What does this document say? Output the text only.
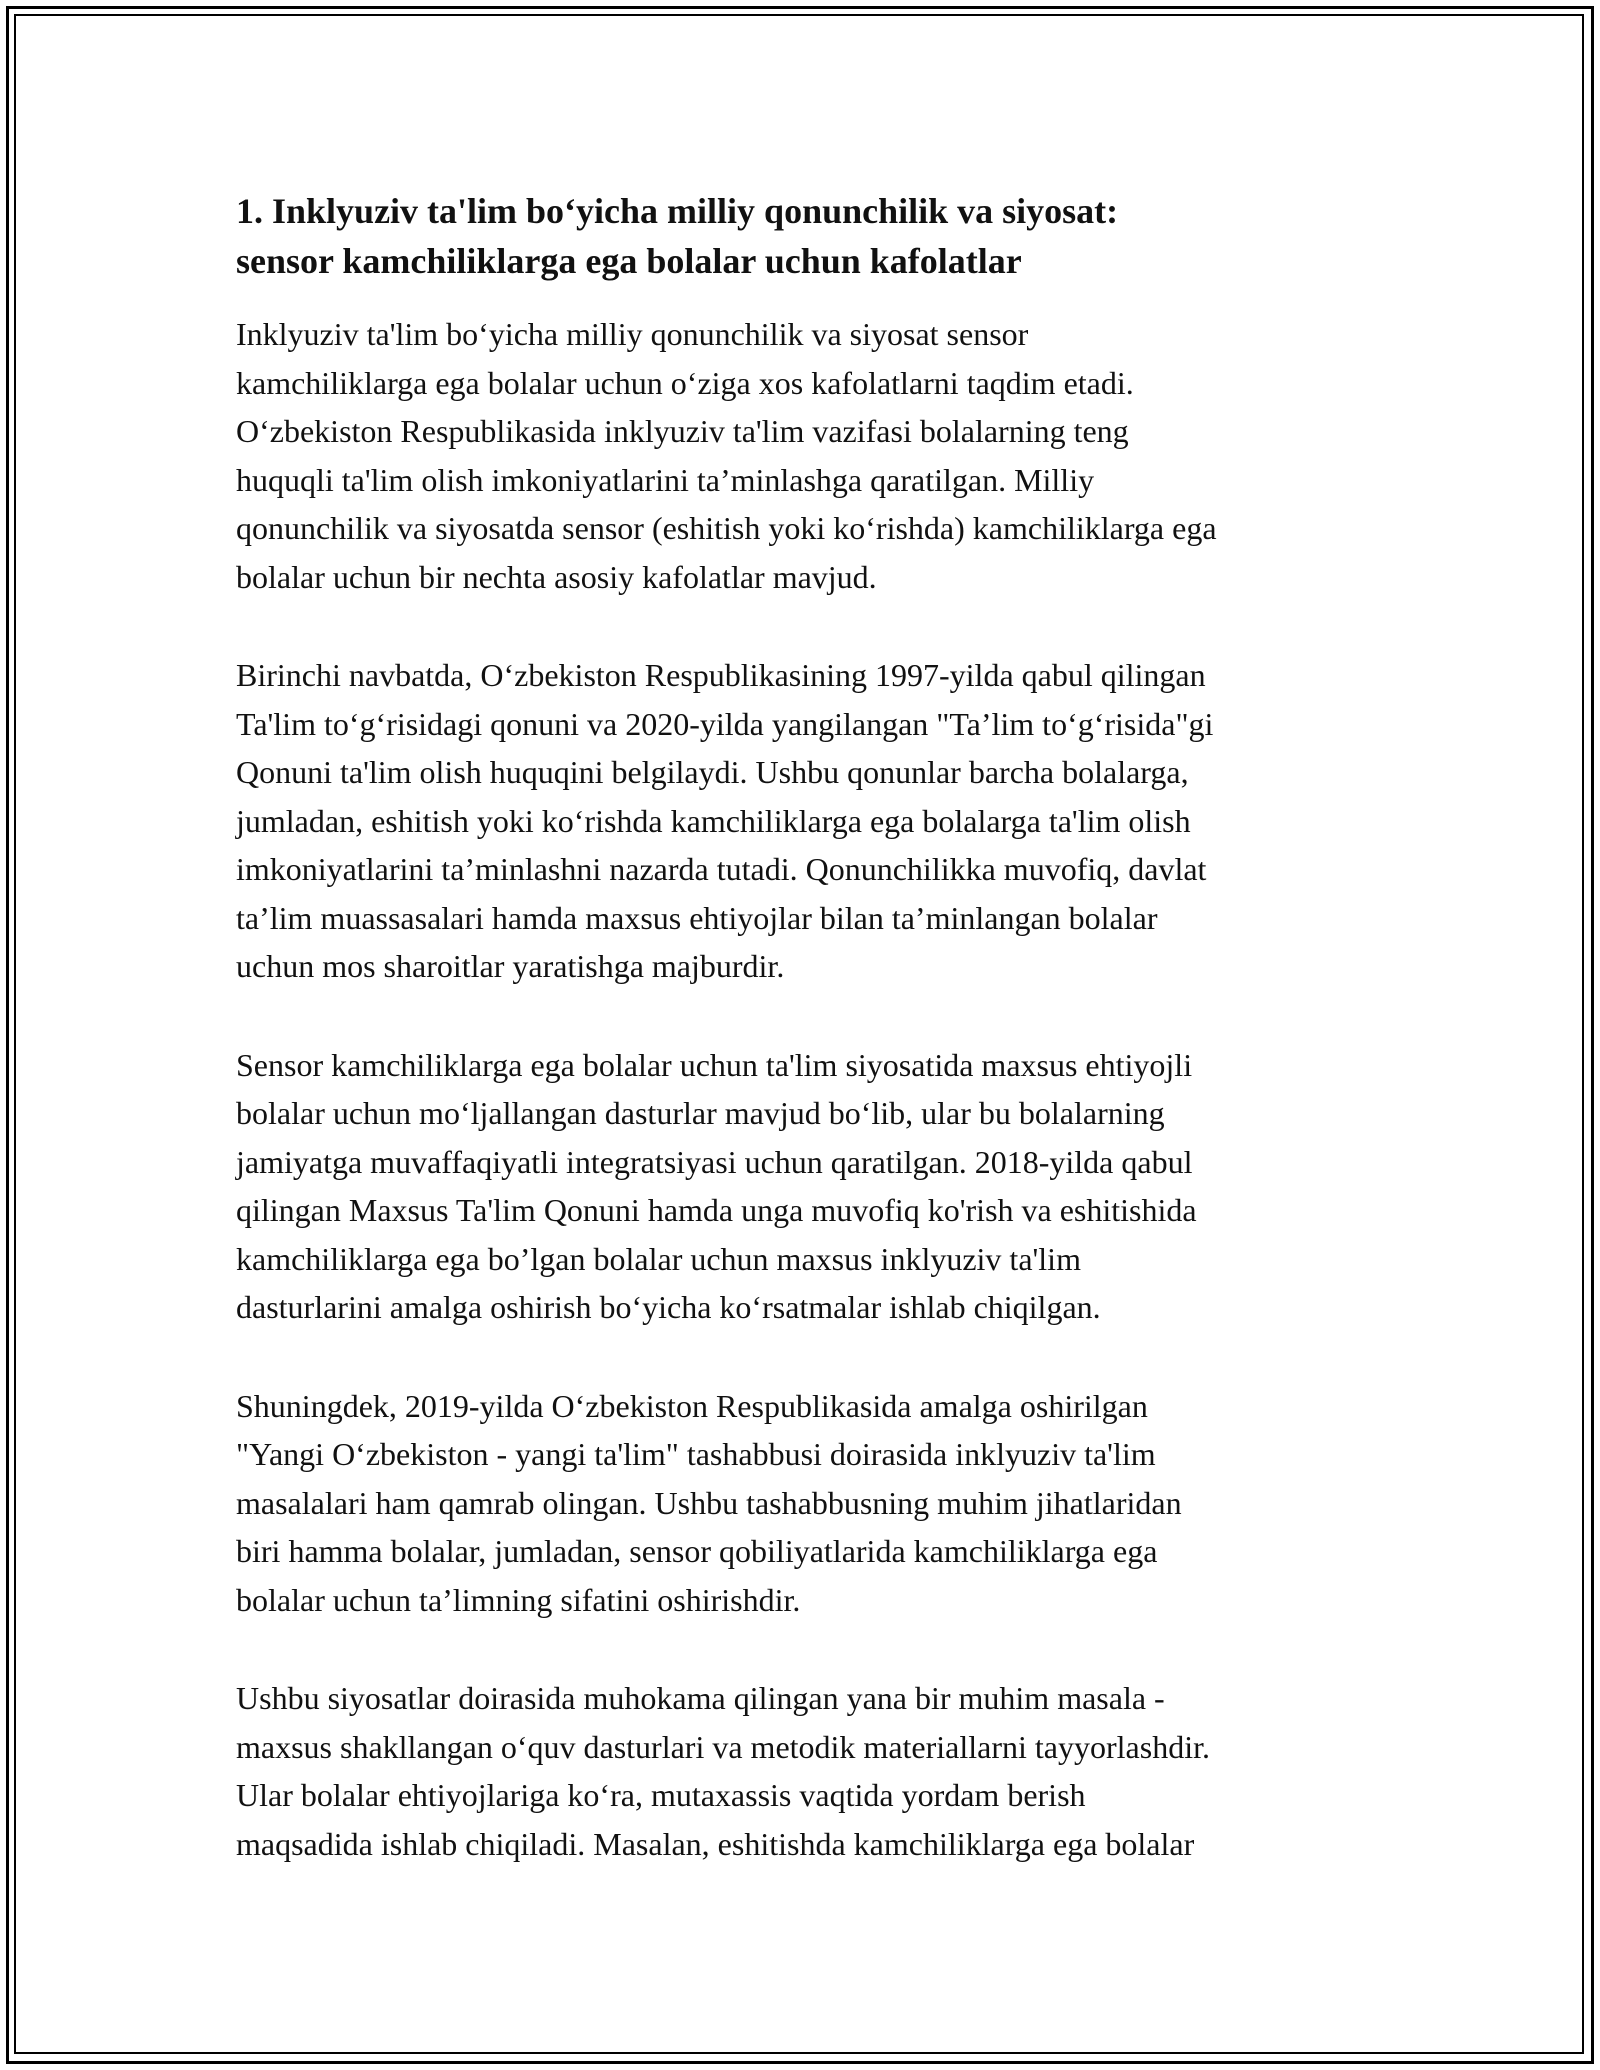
1. Inklyuziv ta'lim bo‘yicha milliy qonunchilik va siyosat:
sensor kamchiliklarga ega bolalar uchun kafolatlar

Inklyuziv ta'lim bo‘yicha milliy qonunchilik va siyosat sensor
kamchiliklarga ega bolalar uchun o‘ziga xos kafolatlarni taqdim etadi.
O‘zbekiston Respublikasida inklyuziv ta'lim vazifasi bolalarning teng
huquqli ta'lim olish imkoniyatlarini ta’minlashga qaratilgan. Milliy
qonunchilik va siyosatda sensor (eshitish yoki ko‘rishda) kamchiliklarga ega
bolalar uchun bir nechta asosiy kafolatlar mavjud.

Birinchi navbatda, O‘zbekiston Respublikasining 1997-yilda qabul qilingan
Ta'lim to‘g‘risidagi qonuni va 2020-yilda yangilangan "Ta’lim to‘g‘risida"gi
Qonuni ta'lim olish huquqini belgilaydi. Ushbu qonunlar barcha bolalarga,
jumladan, eshitish yoki ko‘rishda kamchiliklarga ega bolalarga ta'lim olish
imkoniyatlarini ta’minlashni nazarda tutadi. Qonunchilikka muvofiq, davlat
ta’lim muassasalari hamda maxsus ehtiyojlar bilan ta’minlangan bolalar
uchun mos sharoitlar yaratishga majburdir.

Sensor kamchiliklarga ega bolalar uchun ta'lim siyosatida maxsus ehtiyojli
bolalar uchun mo‘ljallangan dasturlar mavjud bo‘lib, ular bu bolalarning
jamiyatga muvaffaqiyatli integratsiyasi uchun qaratilgan. 2018-yilda qabul
qilingan Maxsus Ta'lim Qonuni hamda unga muvofiq ko'rish va eshitishida
kamchiliklarga ega bo’lgan bolalar uchun maxsus inklyuziv ta'lim
dasturlarini amalga oshirish bo‘yicha ko‘rsatmalar ishlab chiqilgan.

Shuningdek, 2019-yilda O‘zbekiston Respublikasida amalga oshirilgan
"Yangi O‘zbekiston - yangi ta'lim" tashabbusi doirasida inklyuziv ta'lim
masalalari ham qamrab olingan. Ushbu tashabbusning muhim jihatlaridan
biri hamma bolalar, jumladan, sensor qobiliyatlarida kamchiliklarga ega
bolalar uchun ta’limning sifatini oshirishdir.

Ushbu siyosatlar doirasida muhokama qilingan yana bir muhim masala -
maxsus shakllangan o‘quv dasturlari va metodik materiallarni tayyorlashdir.
Ular bolalar ehtiyojlariga ko‘ra, mutaxassis vaqtida yordam berish
maqsadida ishlab chiqiladi. Masalan, eshitishda kamchiliklarga ega bolalar
